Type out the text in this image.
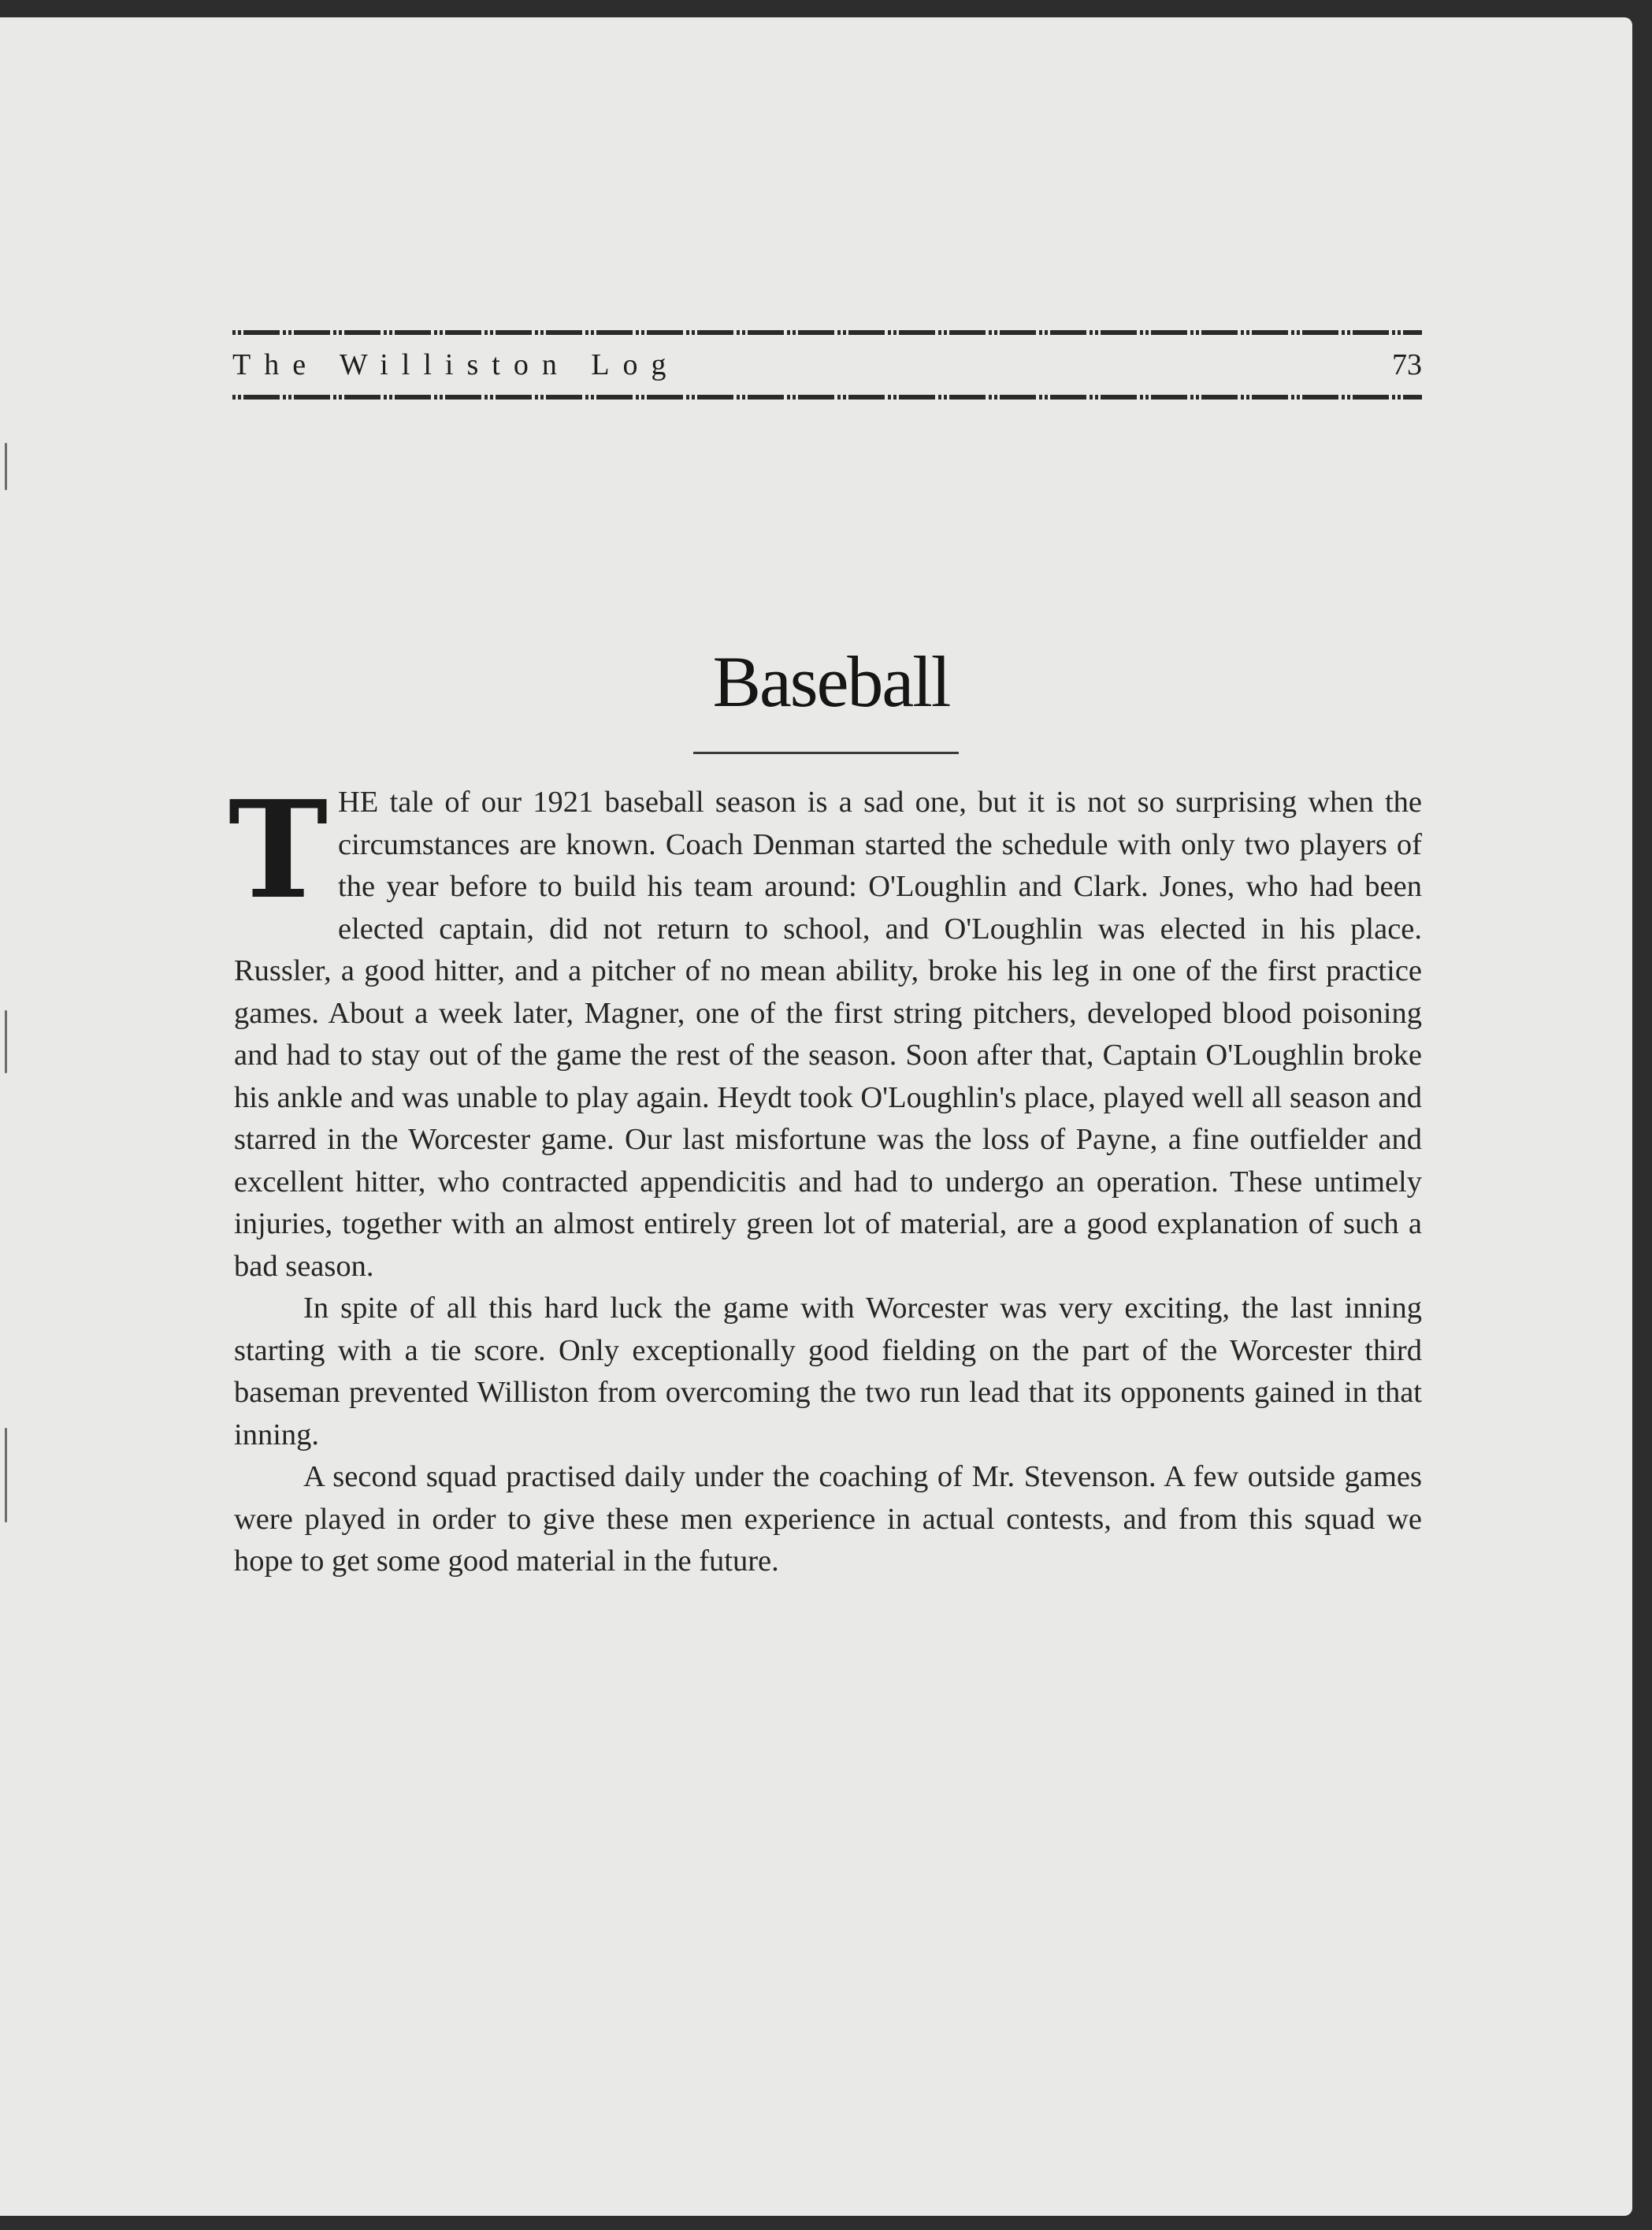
The Williston Log	73
Baseball
T HE tale of our 1921 baseball season is a sad one, but it is not so surprising when the circumstances are known. Coach Denman started the schedule with only two players of the year before to build his team around: O'Loughlin and Clark. Jones, who had been elected captain, did not return to school, and O'Loughlin was elected in his place. Russler, a good hitter, and a pitcher of no mean ability, broke his leg in one of the first practice games. About a week later, Magner, one of the first string pitchers, developed blood poisoning and had to stay out of the game the rest of the season. Soon after that, Captain O'Loughlin broke his ankle and was unable to play again. Heydt took O'Loughlin's place, played well all season and starred in the Worcester game. Our last misfortune was the loss of Payne, a fine outfielder and excellent hitter, who contracted appendicitis and had to undergo an operation. These untimely injuries, together with an almost entirely green lot of material, are a good explanation of such a bad season.

In spite of all this hard luck the game with Worcester was very exciting, the last inning starting with a tie score. Only exceptionally good fielding on the part of the Worcester third baseman prevented Williston from overcoming the two run lead that its opponents gained in that inning.

A second squad practised daily under the coaching of Mr. Stevenson. A few outside games were played in order to give these men experience in actual contests, and from this squad we hope to get some good material in the future.
